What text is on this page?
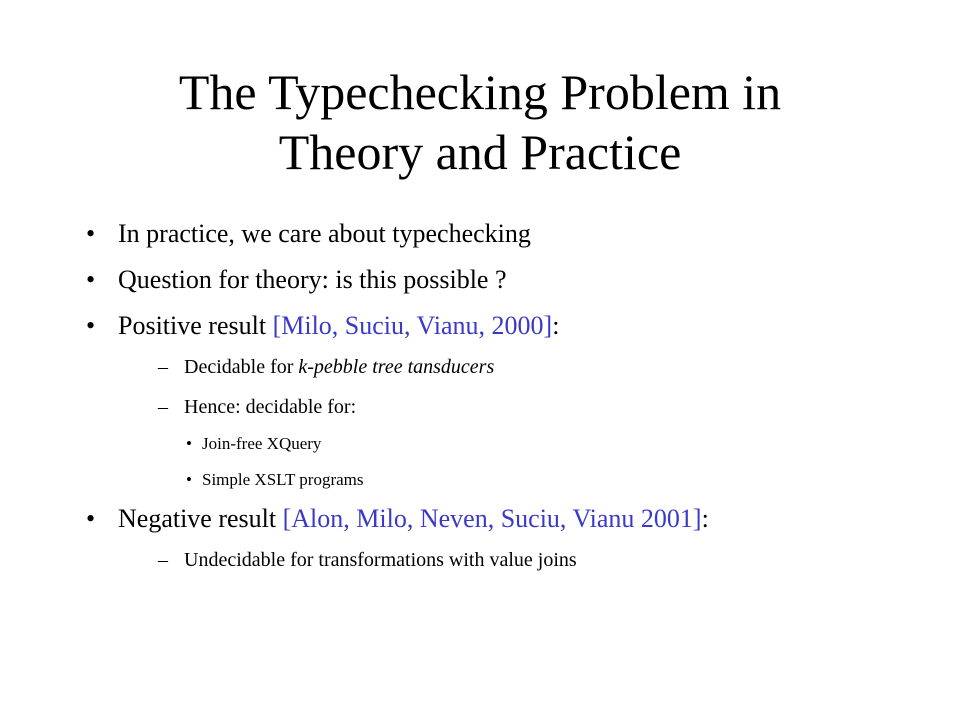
The Typechecking Problem in
Theory and Practice
• In practice, we care about typechecking
• Question for theory: is this possible ?
• Positive result [Milo, Suciu, Vianu, 2000]:
– Decidable for k-pebble tree tansducers
– Hence: decidable for:
• Join-free XQuery
• Simple XSLT programs
• Negative result [Alon, Milo, Neven, Suciu, Vianu 2001]:
– Undecidable for transformations with value joins
